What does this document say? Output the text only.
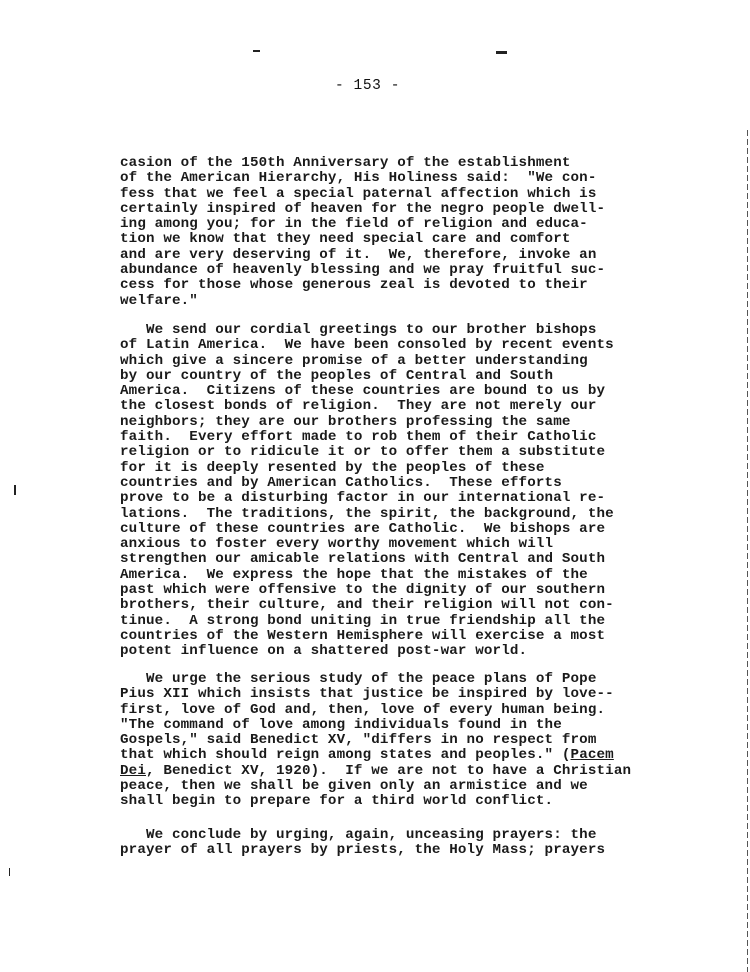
- 153 -
casion of the 150th Anniversary of the establishment
of the American Hierarchy, His Holiness said:  "We con-
fess that we feel a special paternal affection which is
certainly inspired of heaven for the negro people dwell-
ing among you; for in the field of religion and educa-
tion we know that they need special care and comfort
and are very deserving of it.  We, therefore, invoke an
abundance of heavenly blessing and we pray fruitful suc-
cess for those whose generous zeal is devoted to their
welfare."
We send our cordial greetings to our brother bishops
of Latin America.  We have been consoled by recent events
which give a sincere promise of a better understanding
by our country of the peoples of Central and South
America.  Citizens of these countries are bound to us by
the closest bonds of religion.  They are not merely our
neighbors; they are our brothers professing the same
faith.  Every effort made to rob them of their Catholic
religion or to ridicule it or to offer them a substitute
for it is deeply resented by the peoples of these
countries and by American Catholics.  These efforts
prove to be a disturbing factor in our international re-
lations.  The traditions, the spirit, the background, the
culture of these countries are Catholic.  We bishops are
anxious to foster every worthy movement which will
strengthen our amicable relations with Central and South
America.  We express the hope that the mistakes of the
past which were offensive to the dignity of our southern
brothers, their culture, and their religion will not con-
tinue.  A strong bond uniting in true friendship all the
countries of the Western Hemisphere will exercise a most
potent influence on a shattered post-war world.
We urge the serious study of the peace plans of Pope
Pius XII which insists that justice be inspired by love--
first, love of God and, then, love of every human being.
"The command of love among individuals found in the
Gospels," said Benedict XV, "differs in no respect from
that which should reign among states and peoples." (Pacem
Dei, Benedict XV, 1920).  If we are not to have a Christian
peace, then we shall be given only an armistice and we
shall begin to prepare for a third world conflict.
We conclude by urging, again, unceasing prayers: the
prayer of all prayers by priests, the Holy Mass; prayers
